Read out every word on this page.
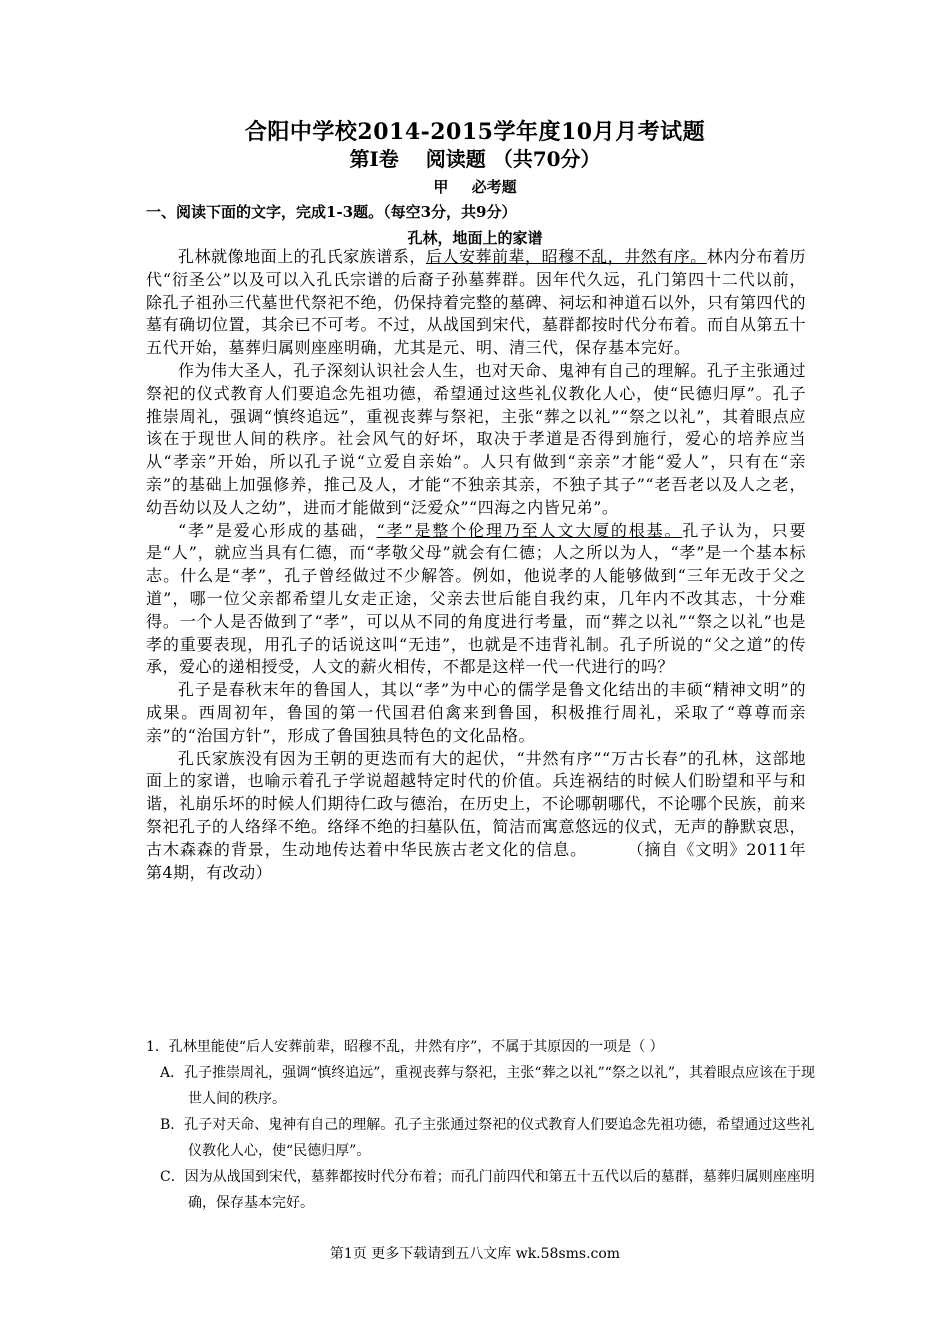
合阳中学校2014-2015学年度10月月考试题
第Ⅰ卷　 阅读题 （共70分）
甲 必考题
一、阅读下面的文字，完成1-3题。（每空3分，共9分）
孔林，地面上的家谱

孔林就像地面上的孔氏家族谱系，后人安葬前辈，昭穆不乱，井然有序。林内分布着历代“衍圣公”以及可以入孔氏宗谱的后裔子孙墓葬群。因年代久远，孔门第四十二代以前，除孔子祖孙三代墓世代祭祀不绝，仍保持着完整的墓碑、祠坛和神道石以外，只有第四代的墓有确切位置，其余已不可考。不过，从战国到宋代，墓群都按时代分布着。而自从第五十五代开始，墓葬归属则座座明确，尤其是元、明、清三代，保存基本完好。

作为伟大圣人，孔子深刻认识社会人生，也对天命、鬼神有自己的理解。孔子主张通过祭祀的仪式教育人们要追念先祖功德，希望通过这些礼仪教化人心，使“民德归厚”。孔子推崇周礼，强调“慎终追远”，重视丧葬与祭祀，主张“葬之以礼”“祭之以礼”，其着眼点应该在于现世人间的秩序。社会风气的好坏，取决于孝道是否得到施行，爱心的培养应当从“孝亲”开始，所以孔子说“立爱自亲始”。人只有做到“亲亲”才能“爱人”，只有在“亲亲”的基础上加强修养，推己及人，才能“不独亲其亲，不独子其子”“老吾老以及人之老，幼吾幼以及人之幼”，进而才能做到“泛爱众”“四海之内皆兄弟”。

“孝”是爱心形成的基础，“孝”是整个伦理乃至人文大厦的根基。孔子认为，只要是“人”，就应当具有仁德，而“孝敬父母”就会有仁德；人之所以为人，“孝”是一个基本标志。什么是“孝”，孔子曾经做过不少解答。例如，他说孝的人能够做到“三年无改于父之道”，哪一位父亲都希望儿女走正途，父亲去世后能自我约束，几年内不改其志，十分难得。一个人是否做到了“孝”，可以从不同的角度进行考量，而“葬之以礼”“祭之以礼”也是孝的重要表现，用孔子的话说这叫“无违”，也就是不违背礼制。孔子所说的“父之道”的传承，爱心的递相授受，人文的薪火相传，不都是这样一代一代进行的吗？

孔子是春秋末年的鲁国人，其以“孝”为中心的儒学是鲁文化结出的丰硕“精神文明”的成果。西周初年，鲁国的第一代国君伯禽来到鲁国，积极推行周礼，采取了“尊尊而亲亲”的“治国方针”，形成了鲁国独具特色的文化品格。

孔氏家族没有因为王朝的更迭而有大的起伏，“井然有序”“万古长春”的孔林，这部地面上的家谱，也喻示着孔子学说超越特定时代的价值。兵连祸结的时候人们盼望和平与和谐，礼崩乐坏的时候人们期待仁政与德治，在历史上，不论哪朝哪代，不论哪个民族，前来祭祀孔子的人络绎不绝。络绎不绝的扫墓队伍，简洁而寓意悠远的仪式，无声的静默哀思，古木森森的背景，生动地传达着中华民族古老文化的信息。	（摘自《文明》2011年第4期，有改动）

1．孔林里能使“后人安葬前辈，昭穆不乱，井然有序”，不属于其原因的一项是（ ）

A．孔子推崇周礼，强调“慎终追远”，重视丧葬与祭祀，主张“葬之以礼”“祭之以礼”，其着眼点应该在于现世人间的秩序。

B．孔子对天命、鬼神有自己的理解。孔子主张通过祭祀的仪式教育人们要追念先祖功德，希望通过这些礼仪教化人心，使“民德归厚”。

C．因为从战国到宋代，墓葬都按时代分布着；而孔门前四代和第五十五代以后的墓群，墓葬归属则座座明确，保存基本完好。

第1页 更多下载请到五八文库 wk.58sms.com
